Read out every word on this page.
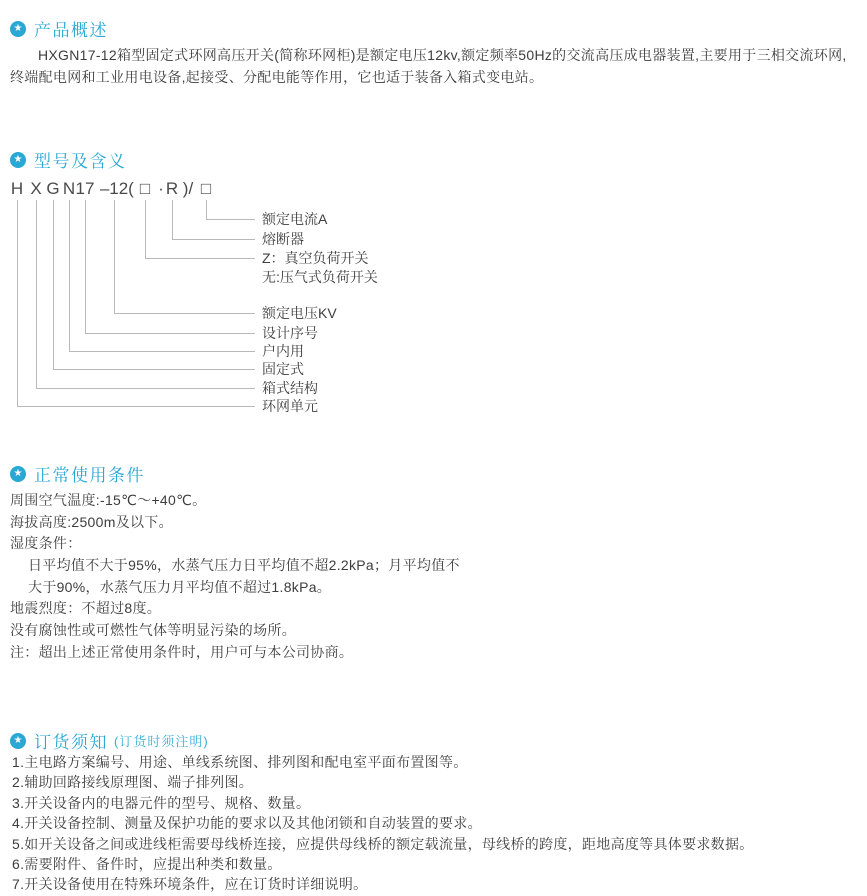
★ 产品概述
HXGN17-12箱型固定式环网高压开关(简称环网柜)是额定电压12kv,额定频率50Hz的交流高压成电器装置,主要用于三相交流环网,终端配电网和工业用电设备,起接受、分配电能等作用，它也适于装备入箱式变电站。
★ 型号及含义
H X G N 17 –12 ( □ · R )/ □
额定电流A
熔断器
Z：真空负荷开关
无:压气式负荷开关
额定电压KV
设计序号
户内用
固定式
箱式结构
环网单元
★ 正常使用条件
周围空气温度:-15℃～+40℃。
海拔高度:2500m及以下。
湿度条件：
日平均值不大于95%，水蒸气压力日平均值不超2.2kPa；月平均值不
大于90%，水蒸气压力月平均值不超过1.8kPa。
地震烈度：不超过8度。
没有腐蚀性或可燃性气体等明显污染的场所。
注：超出上述正常使用条件时，用户可与本公司协商。
★ 订货须知 (订货时须注明)
1.主电路方案编号、用途、单线系统图、排列图和配电室平面布置图等。
2.辅助回路接线原理图、端子排列图。
3.开关设备内的电器元件的型号、规格、数量。
4.开关设备控制、测量及保护功能的要求以及其他闭锁和自动装置的要求。
5.如开关设备之间或进线柜需要母线桥连接，应提供母线桥的额定载流量，母线桥的跨度，距地高度等具体要求数据。
6.需要附件、备件时，应提出种类和数量。
7.开关设备使用在特殊环境条件，应在订货时详细说明。
